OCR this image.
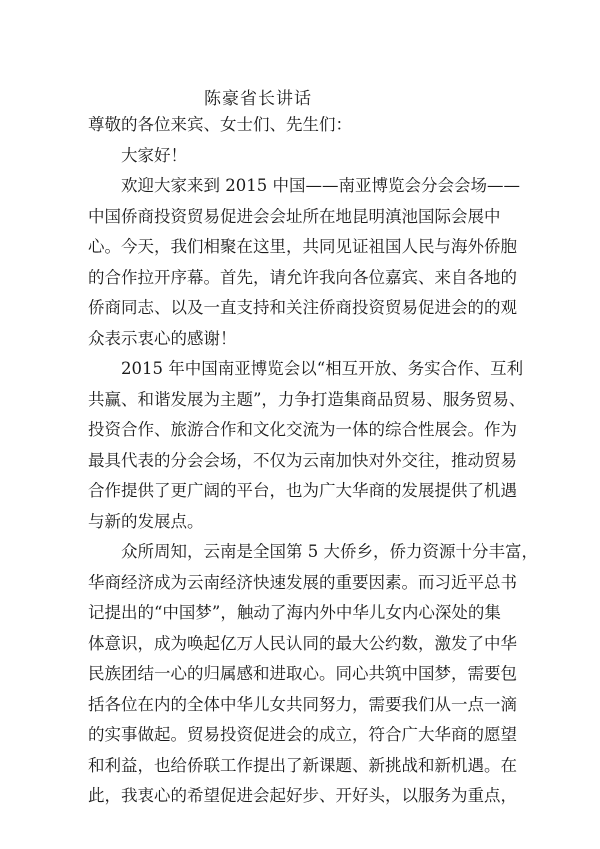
陈豪省长讲话
尊敬的各位来宾、女士们、先生们：
大家好！
欢迎大家来到 2015 中国——南亚博览会分会会场——
中国侨商投资贸易促进会会址所在地昆明滇池国际会展中
心。今天，我们相聚在这里，共同见证祖国人民与海外侨胞
的合作拉开序幕。首先，请允许我向各位嘉宾、来自各地的
侨商同志、以及一直支持和关注侨商投资贸易促进会的的观
众表示衷心的感谢！
2015 年中国南亚博览会以“相互开放、务实合作、互利
共赢、和谐发展为主题”，力争打造集商品贸易、服务贸易、
投资合作、旅游合作和文化交流为一体的综合性展会。作为
最具代表的分会会场，不仅为云南加快对外交往，推动贸易
合作提供了更广阔的平台，也为广大华商的发展提供了机遇
与新的发展点。
众所周知，云南是全国第 5 大侨乡，侨力资源十分丰富，
华商经济成为云南经济快速发展的重要因素。而习近平总书
记提出的“中国梦”，触动了海内外中华儿女内心深处的集
体意识，成为唤起亿万人民认同的最大公约数，激发了中华
民族团结一心的归属感和进取心。同心共筑中国梦，需要包
括各位在内的全体中华儿女共同努力，需要我们从一点一滴
的实事做起。贸易投资促进会的成立，符合广大华商的愿望
和利益，也给侨联工作提出了新课题、新挑战和新机遇。在
此，我衷心的希望促进会起好步、开好头，以服务为重点，
